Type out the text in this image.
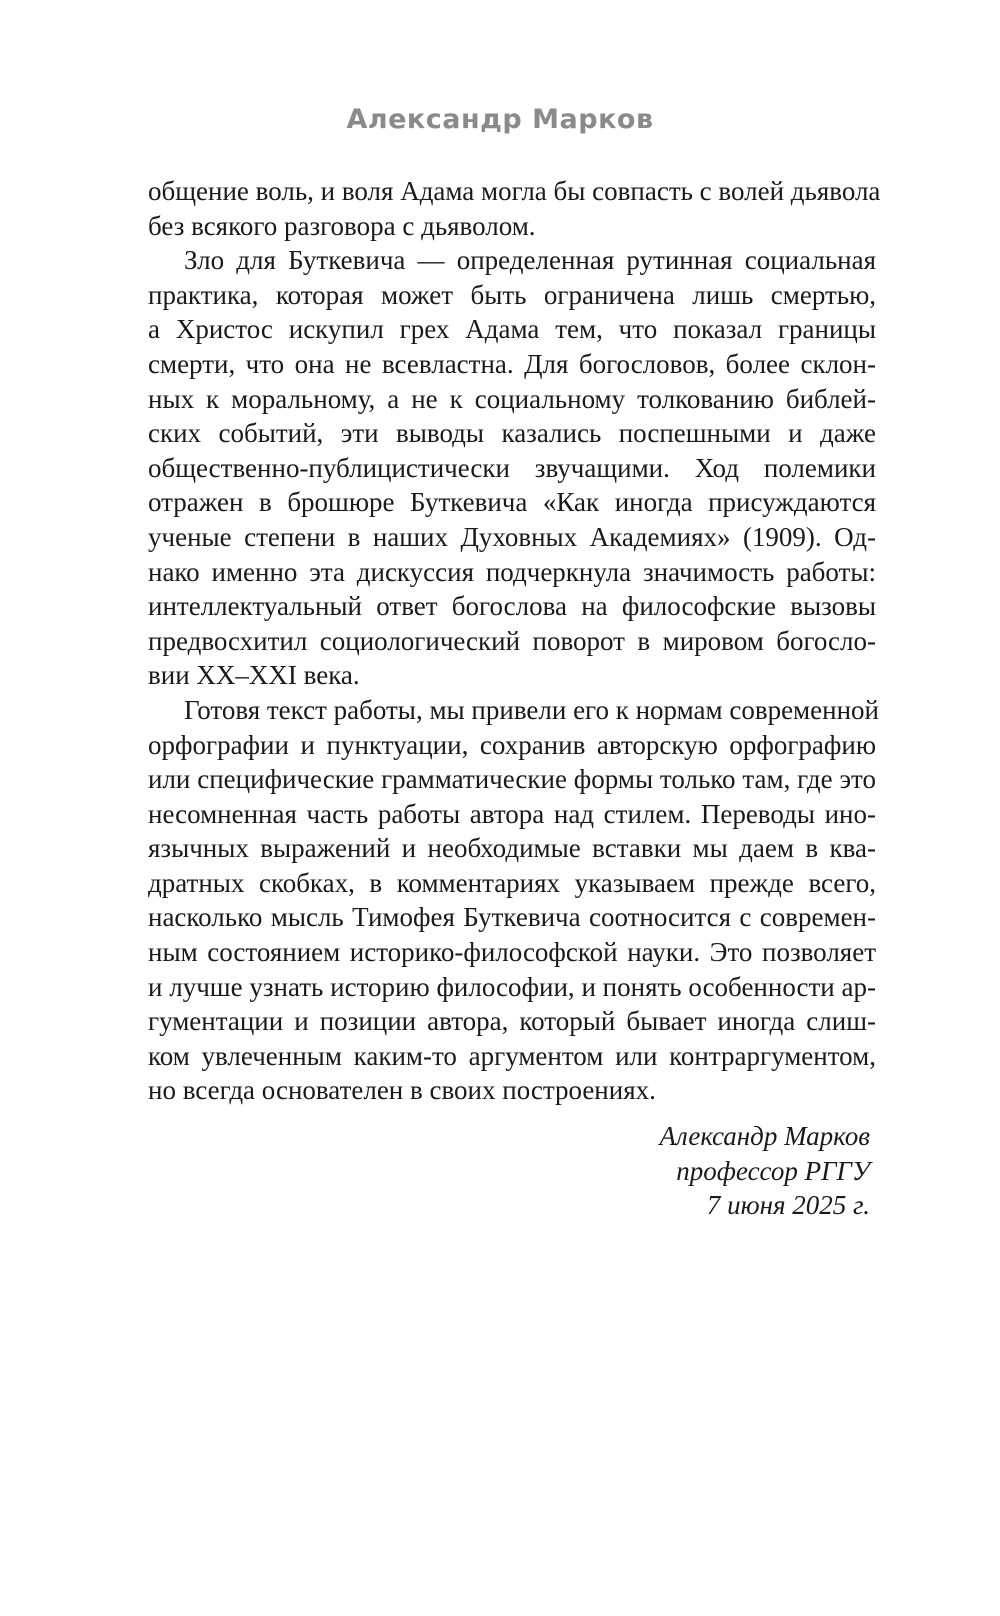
Александр Марков
общение воль, и воля Адама могла бы совпасть с волей дьявола
без всякого разговора с дьяволом.
Зло для Буткевича — определенная рутинная социальная
практика, которая может быть ограничена лишь смертью,
а Христос искупил грех Адама тем, что показал границы
смерти, что она не всевластна. Для богословов, более склон-
ных к моральному, а не к социальному толкованию библей-
ских событий, эти выводы казались поспешными и даже
общественно-публицистически звучащими. Ход полемики
отражен в брошюре Буткевича «Как иногда присуждаются
ученые степени в наших Духовных Академиях» (1909). Од-
нако именно эта дискуссия подчеркнула значимость работы:
интеллектуальный ответ богослова на философские вызовы
предвосхитил социологический поворот в мировом богосло-
вии XX–XXI века.
Готовя текст работы, мы привели его к нормам современной
орфографии и пунктуации, сохранив авторскую орфографию
или специфические грамматические формы только там, где это
несомненная часть работы автора над стилем. Переводы ино-
язычных выражений и необходимые вставки мы даем в ква-
дратных скобках, в комментариях указываем прежде всего,
насколько мысль Тимофея Буткевича соотносится с современ-
ным состоянием историко-философской науки. Это позволяет
и лучше узнать историю философии, и понять особенности ар-
гументации и позиции автора, который бывает иногда слиш-
ком увлеченным каким-то аргументом или контраргументом,
но всегда основателен в своих построениях.
Александр Марков
профессор РГГУ
7 июня 2025 г.
